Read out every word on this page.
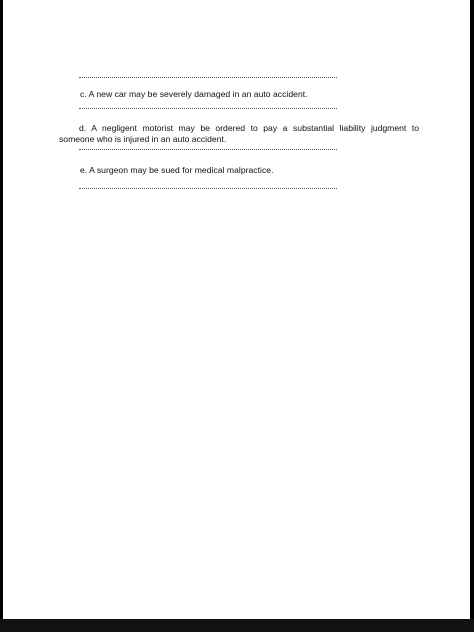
c. A new car may be severely damaged in an auto accident.
d. A negligent motorist may be ordered to pay a substantial liability judgment to
someone who is injured in an auto accident.
e. A surgeon may be sued for medical malpractice.
